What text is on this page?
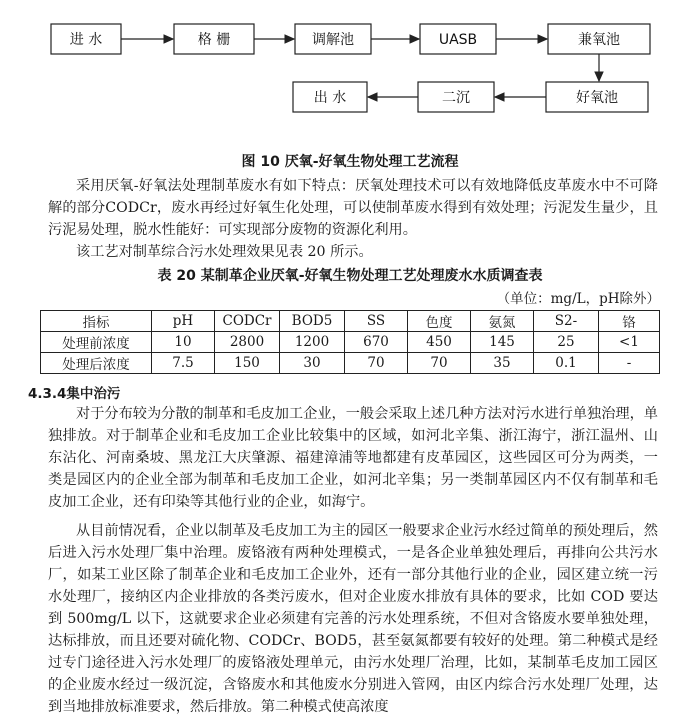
进 水	格 栅	调解池	UASB	兼氧池
出 水	二沉	好氧池
图 10 厌氧-好氧生物处理工艺流程

采用厌氧-好氧法处理制革废水有如下特点：厌氧处理技术可以有效地降低皮革废水中不可降解的部分CODCr，废水再经过好氧生化处理，可以使制革废水得到有效处理；污泥发生量少，且污泥易处理，脱水性能好：可实现部分废物的资源化利用。

该工艺对制革综合污水处理效果见表 20 所示。

表 20 某制革企业厌氧-好氧生物处理工艺处理废水水质调查表
（单位：mg/L，pH除外）
指标	pH	CODCr	BOD5	SS	色度	氨氮	S2-	铬
处理前浓度	10	2800	1200	670	450	145	25	<1
处理后浓度	7.5	150	30	70	70	35	0.1	-
4.3.4集中治污

对于分布较为分散的制革和毛皮加工企业，一般会采取上述几种方法对污水进行单独治理，单独排放。对于制革企业和毛皮加工企业比较集中的区域，如河北辛集、浙江海宁，浙江温州、山东沾化、河南桑坡、黑龙江大庆肇源、福建漳浦等地都建有皮革园区，这些园区可分为两类，一类是园区内的企业全部为制革和毛皮加工企业，如河北辛集；另一类制革园区内不仅有制革和毛皮加工企业，还有印染等其他行业的企业，如海宁。

从目前情况看，企业以制革及毛皮加工为主的园区一般要求企业污水经过简单的预处理后，然后进入污水处理厂集中治理。废铬液有两种处理模式，一是各企业单独处理后，再排向公共污水厂，如某工业区除了制革企业和毛皮加工企业外，还有一部分其他行业的企业，园区建立统一污水处理厂，接纳区内企业排放的各类污废水，但对企业废水排放有具体的要求，比如 COD 要达到 500mg/L 以下，这就要求企业必须建有完善的污水处理系统，不但对含铬废水要单独处理，达标排放，而且还要对硫化物、CODCr、BOD5，甚至氨氮都要有较好的处理。第二种模式是经过专门途径进入污水处理厂的废铬液处理单元，由污水处理厂治理，比如，某制革毛皮加工园区的企业废水经过一级沉淀，含铬废水和其他废水分别进入管网，由区内综合污水处理厂处理，达到当地排放标准要求，然后排放。第二种模式使高浓度
